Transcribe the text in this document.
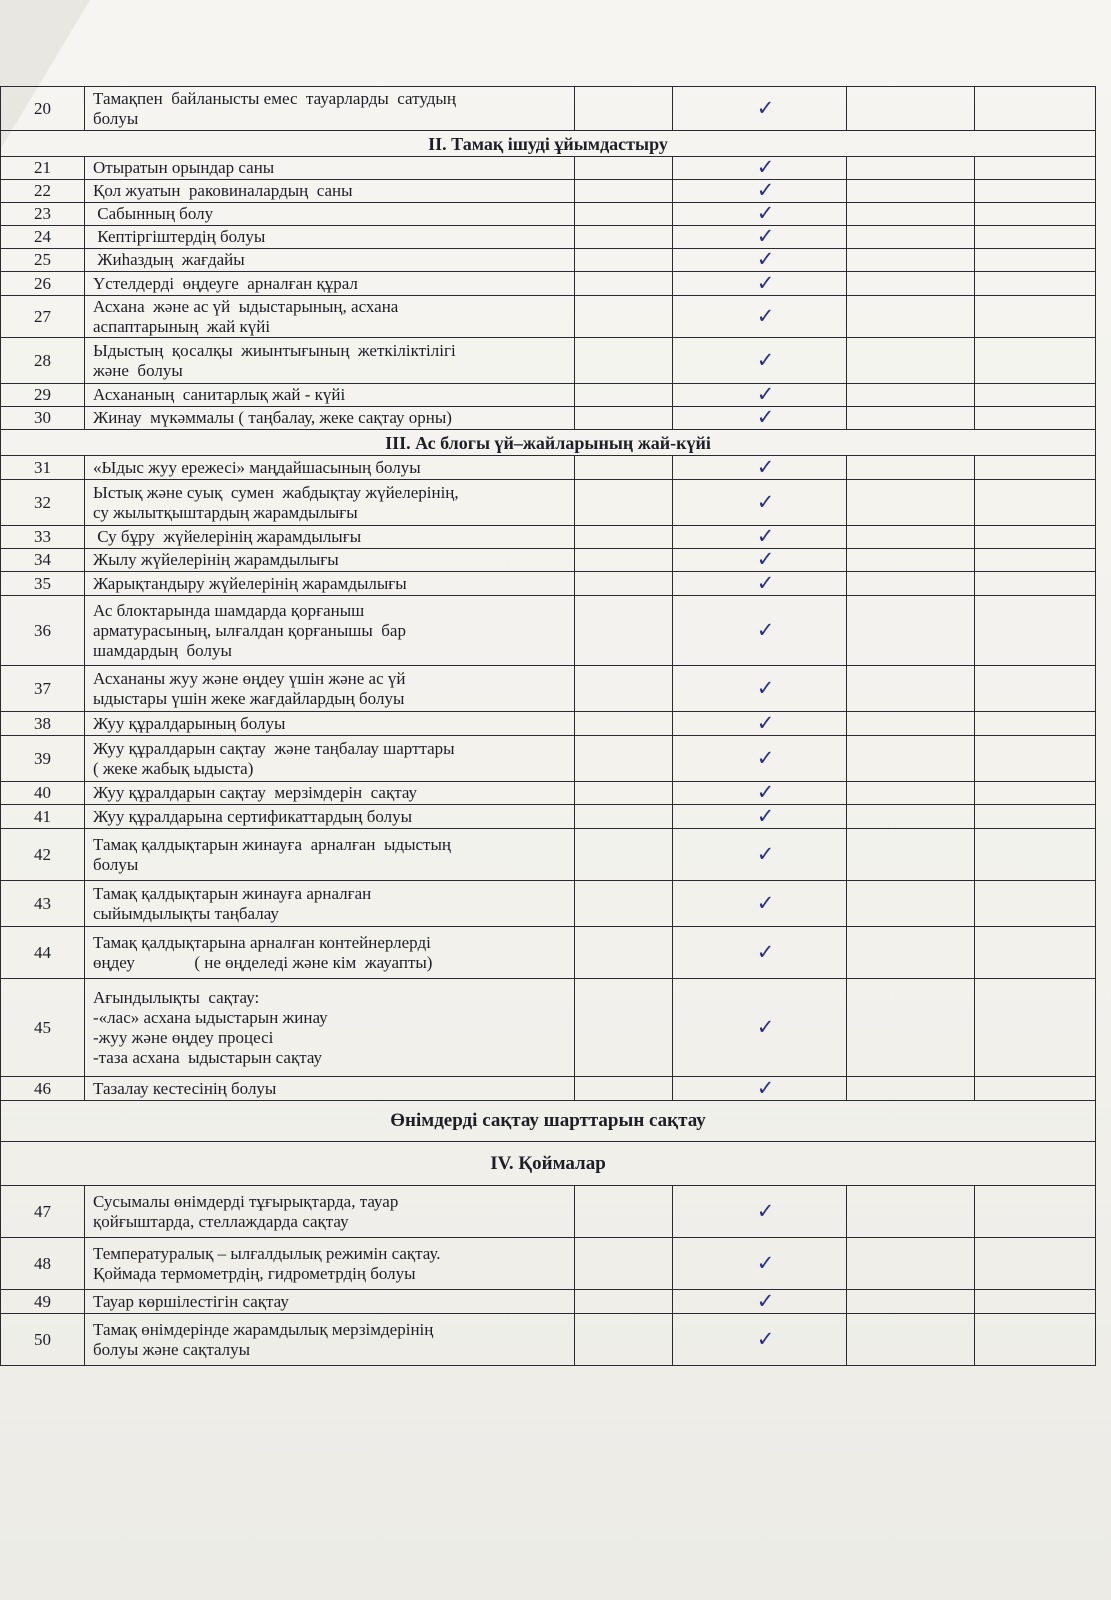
20	Тамақпен  байланысты емес  тауарларды  сатудың
болуы		✓		
II. Тамақ ішуді ұйымдастыру					
21	Отыратын орындар саны		✓		
22	Қол жуатын  раковиналардың  саны		✓		
23	Сабынның болу		✓		
24	Кептіргіштердің болуы		✓		
25	Жиһаздың  жағдайы		✓		
26	Үстелдерді  өңдеуге  арналған құрал		✓		
27	Асхана  және ас үй  ыдыстарының, асхана
аспаптарының  жай күйі		✓		
28	Ыдыстың  қосалқы  жиынтығының  жеткіліктілігі
және  болуы		✓		
29	Асхананың  санитарлық жай - күйі		✓		
30	Жинау  мүкәммалы ( таңбалау, жеке сақтау орны)		✓		
III. Ас блогы үй–жайларының жай-күйі					
31	«Ыдыс жуу ережесі» маңдайшасының болуы		✓		
32	Ыстық және суық  сумен  жабдықтау жүйелерінің,
су жылытқыштардың жарамдылығы		✓		
33	Су бұру  жүйелерінің жарамдылығы		✓		
34	Жылу жүйелерінің жарамдылығы		✓		
35	Жарықтандыру жүйелерінің жарамдылығы		✓		
36	Ас блоктарында шамдарда қорғаныш
арматурасының, ылғалдан қорғанышы  бар
шамдардың  болуы		✓		
37	Асхананы жуу және өңдеу үшін және ас үй
ыдыстары үшін жеке жағдайлардың болуы		✓		
38	Жуу құралдарының болуы		✓		
39	Жуу құралдарын сақтау  және таңбалау шарттары
( жеке жабық ыдыста)		✓		
40	Жуу құралдарын сақтау  мерзімдерін  сақтау		✓		
41	Жуу құралдарына сертификаттардың болуы		✓		
42	Тамақ қалдықтарын жинауға  арналған  ыдыстың
болуы		✓		
43	Тамақ қалдықтарын жинауға арналған
сыйымдылықты таңбалау		✓		
44	Тамақ қалдықтарына арналған контейнерлерді
өңдеу              ( не өңделеді және кім  жауапты)		✓		
45	Ағындылықты  сақтау:
-«лас» асхана ыдыстарын жинау
-жуу және өңдеу процесі
-таза асхана  ыдыстарын сақтау		✓		
46	Тазалау кестесінің болуы		✓		
Өнімдерді сақтау шарттарын сақтау					
IV. Қоймалар					
47	Сусымалы өнімдерді тұғырықтарда, тауар
қойғыштарда, стеллаждарда сақтау		✓		
48	Температуралық – ылғалдылық режимін сақтау.
Қоймада термометрдің, гидрометрдің болуы		✓		
49	Тауар көршілестігін сақтау		✓		
50	Тамақ өнімдерінде жарамдылық мерзімдерінің
болуы және сақталуы		✓		
